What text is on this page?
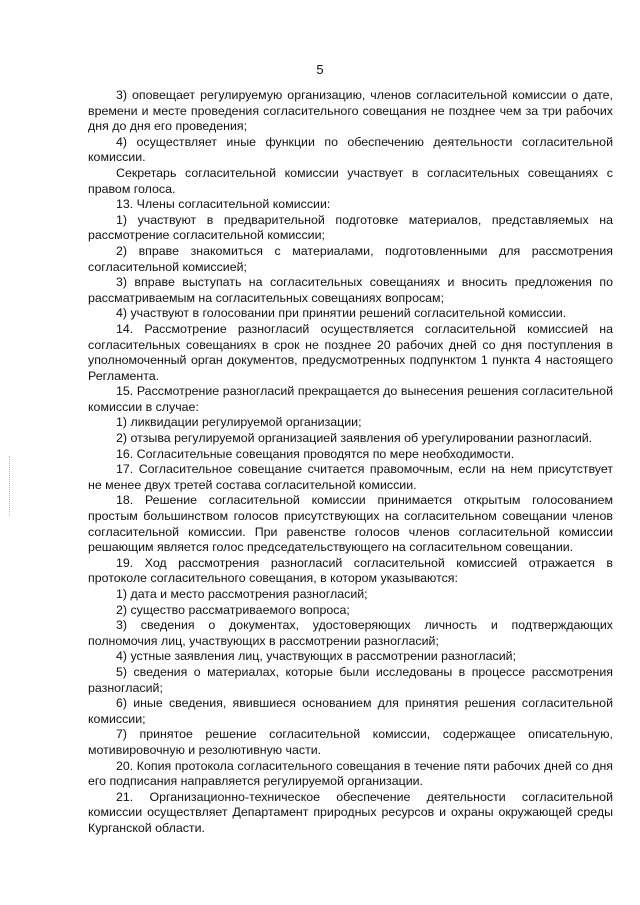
5

3) оповещает регулируемую организацию, членов согласительной комиссии о дате, времени и месте проведения согласительного совещания не позднее чем за три рабочих дня до дня его проведения;

4) осуществляет иные функции по обеспечению деятельности согласительной комиссии.

Секретарь согласительной комиссии участвует в согласительных совещаниях с правом голоса.

13. Члены согласительной комиссии:

1) участвуют в предварительной подготовке материалов, представляемых на рассмотрение согласительной комиссии;

2) вправе знакомиться с материалами, подготовленными для рассмотрения согласительной комиссией;

3) вправе выступать на согласительных совещаниях и вносить предложения по рассматриваемым на согласительных совещаниях вопросам;

4) участвуют в голосовании при принятии решений согласительной комиссии.

14. Рассмотрение разногласий осуществляется согласительной комиссией на согласительных совещаниях в срок не позднее 20 рабочих дней со дня поступления в уполномоченный орган документов, предусмотренных подпунктом 1 пункта 4 настоящего Регламента.

15. Рассмотрение разногласий прекращается до вынесения решения согласительной комиссии в случае:

1) ликвидации регулируемой организации;

2) отзыва регулируемой организацией заявления об урегулировании разногласий.

16. Согласительные совещания проводятся по мере необходимости.

17. Согласительное совещание считается правомочным, если на нем присутствует не менее двух третей состава согласительной комиссии.

18. Решение согласительной комиссии принимается открытым голосованием простым большинством голосов присутствующих на согласительном совещании членов согласительной комиссии. При равенстве голосов членов согласительной комиссии решающим является голос председательствующего на согласительном совещании.

19. Ход рассмотрения разногласий согласительной комиссией отражается в протоколе согласительного совещания, в котором указываются:

1) дата и место рассмотрения разногласий;

2) существо рассматриваемого вопроса;

3) сведения о документах, удостоверяющих личность и подтверждающих полномочия лиц, участвующих в рассмотрении разногласий;

4) устные заявления лиц, участвующих в рассмотрении разногласий;

5) сведения о материалах, которые были исследованы в процессе рассмотрения разногласий;

6) иные сведения, явившиеся основанием для принятия решения согласительной комиссии;

7) принятое решение согласительной комиссии, содержащее описательную, мотивировочную и резолютивную части.

20. Копия протокола согласительного совещания в течение пяти рабочих дней со дня его подписания направляется регулируемой организации.

21. Организационно-техническое обеспечение деятельности согласительной комиссии осуществляет Департамент природных ресурсов и охраны окружающей среды Курганской области.
